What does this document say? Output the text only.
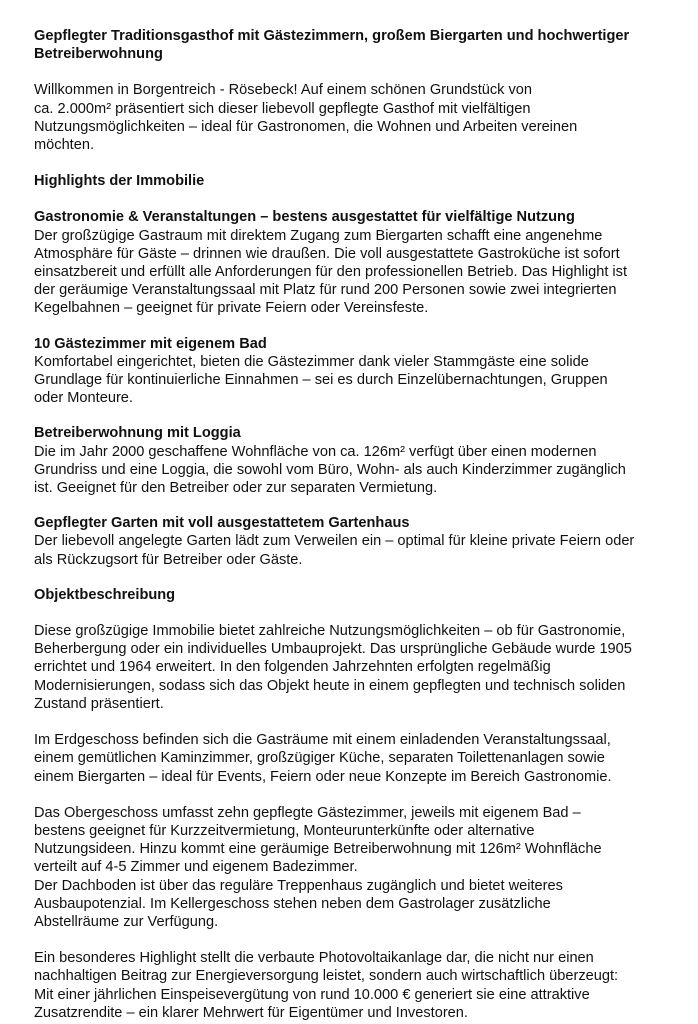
Gepflegter Traditionsgasthof mit Gästezimmern, großem Biergarten und hochwertiger
Betreiberwohnung

Willkommen in Borgentreich - Rösebeck! Auf einem schönen Grundstück von
ca. 2.000m² präsentiert sich dieser liebevoll gepflegte Gasthof mit vielfältigen
Nutzungsmöglichkeiten – ideal für Gastronomen, die Wohnen und Arbeiten vereinen
möchten.

Highlights der Immobilie
Gastronomie & Veranstaltungen – bestens ausgestattet für vielfältige Nutzung

Der großzügige Gastraum mit direktem Zugang zum Biergarten schafft eine angenehme
Atmosphäre für Gäste – drinnen wie draußen. Die voll ausgestattete Gastroküche ist sofort
einsatzbereit und erfüllt alle Anforderungen für den professionellen Betrieb. Das Highlight ist
der geräumige Veranstaltungssaal mit Platz für rund 200 Personen sowie zwei integrierten
Kegelbahnen – geeignet für private Feiern oder Vereinsfeste.

10 Gästezimmer mit eigenem Bad

Komfortabel eingerichtet, bieten die Gästezimmer dank vieler Stammgäste eine solide
Grundlage für kontinuierliche Einnahmen – sei es durch Einzelübernachtungen, Gruppen
oder Monteure.

Betreiberwohnung mit Loggia

Die im Jahr 2000 geschaffene Wohnfläche von ca. 126m² verfügt über einen modernen
Grundriss und eine Loggia, die sowohl vom Büro, Wohn- als auch Kinderzimmer zugänglich
ist. Geeignet für den Betreiber oder zur separaten Vermietung.

Gepflegter Garten mit voll ausgestattetem Gartenhaus

Der liebevoll angelegte Garten lädt zum Verweilen ein – optimal für kleine private Feiern oder
als Rückzugsort für Betreiber oder Gäste.

Objektbeschreibung

Diese großzügige Immobilie bietet zahlreiche Nutzungsmöglichkeiten – ob für Gastronomie,
Beherbergung oder ein individuelles Umbauprojekt. Das ursprüngliche Gebäude wurde 1905
errichtet und 1964 erweitert. In den folgenden Jahrzehnten erfolgten regelmäßig
Modernisierungen, sodass sich das Objekt heute in einem gepflegten und technisch soliden
Zustand präsentiert.

Im Erdgeschoss befinden sich die Gasträume mit einem einladenden Veranstaltungssaal,
einem gemütlichen Kaminzimmer, großzügiger Küche, separaten Toilettenanlagen sowie
einem Biergarten – ideal für Events, Feiern oder neue Konzepte im Bereich Gastronomie.

Das Obergeschoss umfasst zehn gepflegte Gästezimmer, jeweils mit eigenem Bad –
bestens geeignet für Kurzzeitvermietung, Monteurunterkünfte oder alternative
Nutzungsideen. Hinzu kommt eine geräumige Betreiberwohnung mit 126m² Wohnfläche
verteilt auf 4-5 Zimmer und eigenem Badezimmer.
Der Dachboden ist über das reguläre Treppenhaus zugänglich und bietet weiteres
Ausbaupotenzial. Im Kellergeschoss stehen neben dem Gastrolager zusätzliche
Abstellräume zur Verfügung.

Ein besonderes Highlight stellt die verbaute Photovoltaikanlage dar, die nicht nur einen
nachhaltigen Beitrag zur Energieversorgung leistet, sondern auch wirtschaftlich überzeugt:
Mit einer jährlichen Einspeisevergütung von rund 10.000 € generiert sie eine attraktive
Zusatzrendite – ein klarer Mehrwert für Eigentümer und Investoren.
